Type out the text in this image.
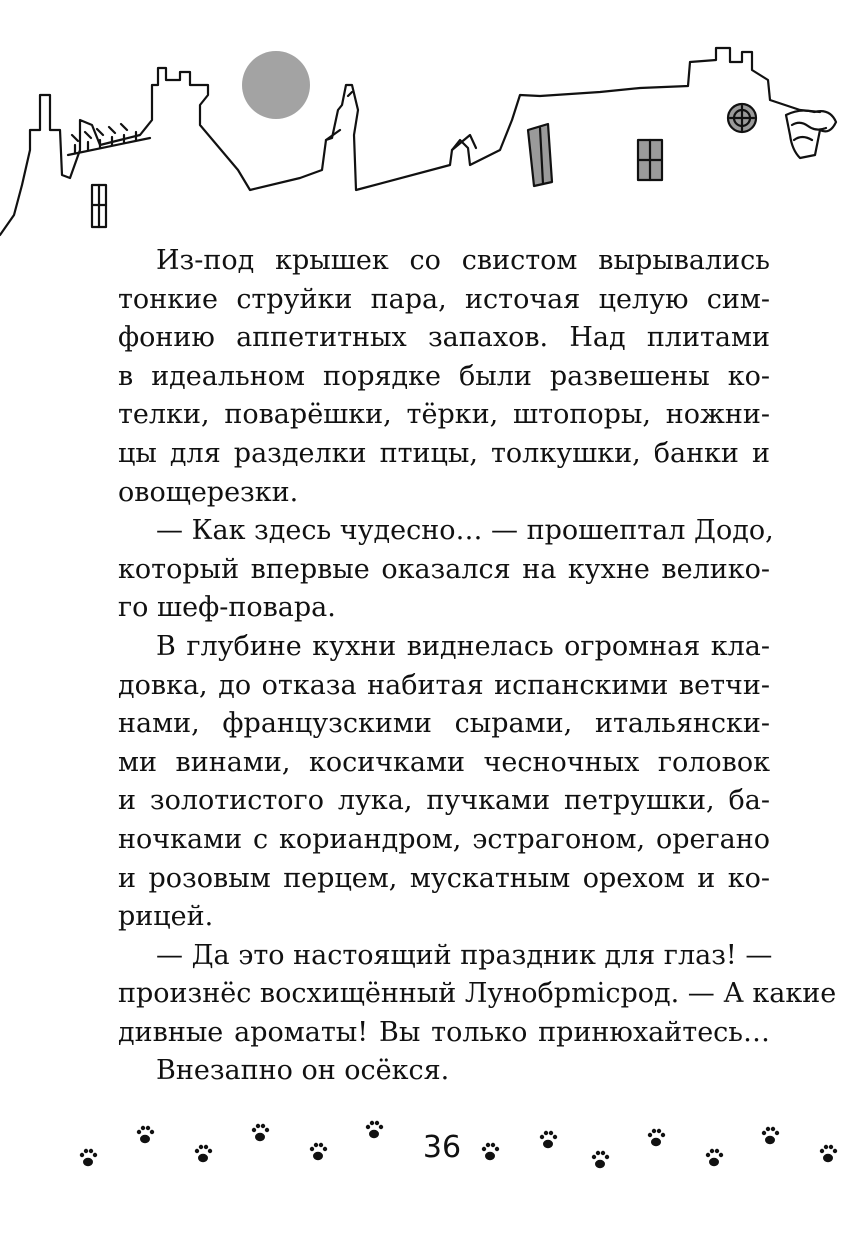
Из-под крышек со свистом вырывались
тонкие струйки пара, источая целую сим-
фонию аппетитных запахов. Над плитами
в идеальном порядке были развешены ко-
телки, поварёшки, тёрки, штопоры, ножни-
цы для разделки птицы, толкушки, банки и
овощерезки.
— Как здесь чудесно… — прошептал Додо,
который впервые оказался на кухне велико-
го шеф-повара.
В глубине кухни виднелась огромная кла-
довка, до отказа набитая испанскими ветчи-
нами, французскими сырами, итальянски-
ми винами, косичками чесночных головок
и золотистого лука, пучками петрушки, ба-
ночками с кориандром, эстрагоном, орегано
и розовым перцем, мускатным орехом и ко-
рицей.
— Да это настоящий праздник для глаз! —
произнёс восхищённый Лунобрmicрод. — А какие
дивные ароматы! Вы только принюхайтесь…
Внезапно он осёкся.
36
